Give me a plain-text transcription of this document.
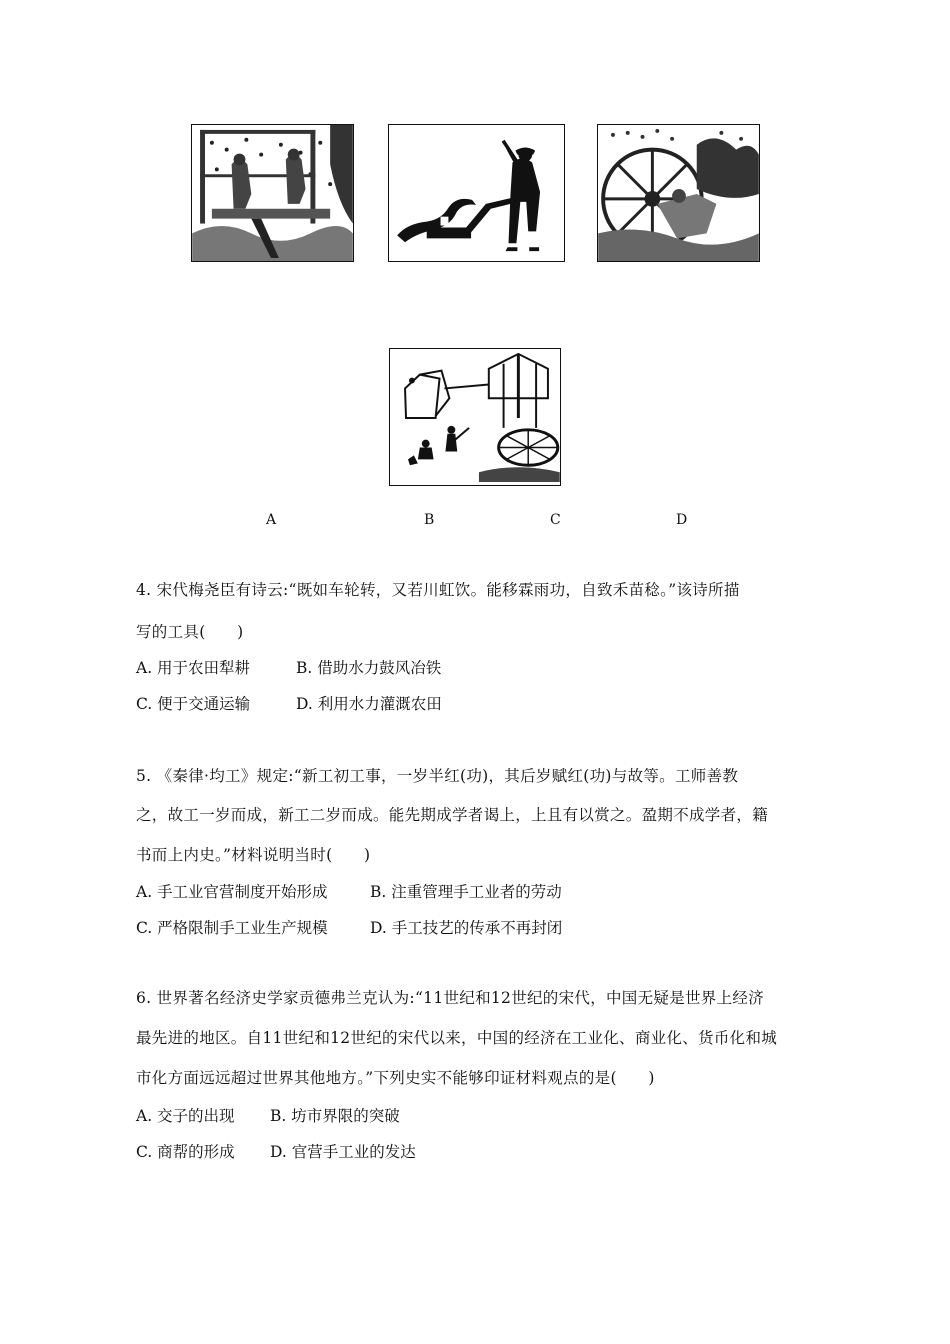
A	B	C	D
4. 宋代梅尧臣有诗云:“既如车轮转，又若川虹饮。能移霖雨功，自致禾苗稔。”该诗所描
写的工具(　　)
A. 用于农田犁耕	B. 借助水力鼓风冶铁
C. 便于交通运输	D. 利用水力灌溉农田
5. 《秦律·均工》规定:“新工初工事，一岁半红(功)，其后岁赋红(功)与故等。工师善教
之，故工一岁而成，新工二岁而成。能先期成学者谒上，上且有以赏之。盈期不成学者，籍
书而上内史。”材料说明当时(　　)
A. 手工业官营制度开始形成	B. 注重管理手工业者的劳动
C. 严格限制手工业生产规模	D. 手工技艺的传承不再封闭
6. 世界著名经济史学家贡德弗兰克认为:“11世纪和12世纪的宋代，中国无疑是世界上经济
最先进的地区。自11世纪和12世纪的宋代以来，中国的经济在工业化、商业化、货币化和城
市化方面远远超过世界其他地方。”下列史实不能够印证材料观点的是(　　)
A. 交子的出现 B. 坊市界限的突破
C. 商帮的形成 D. 官营手工业的发达
